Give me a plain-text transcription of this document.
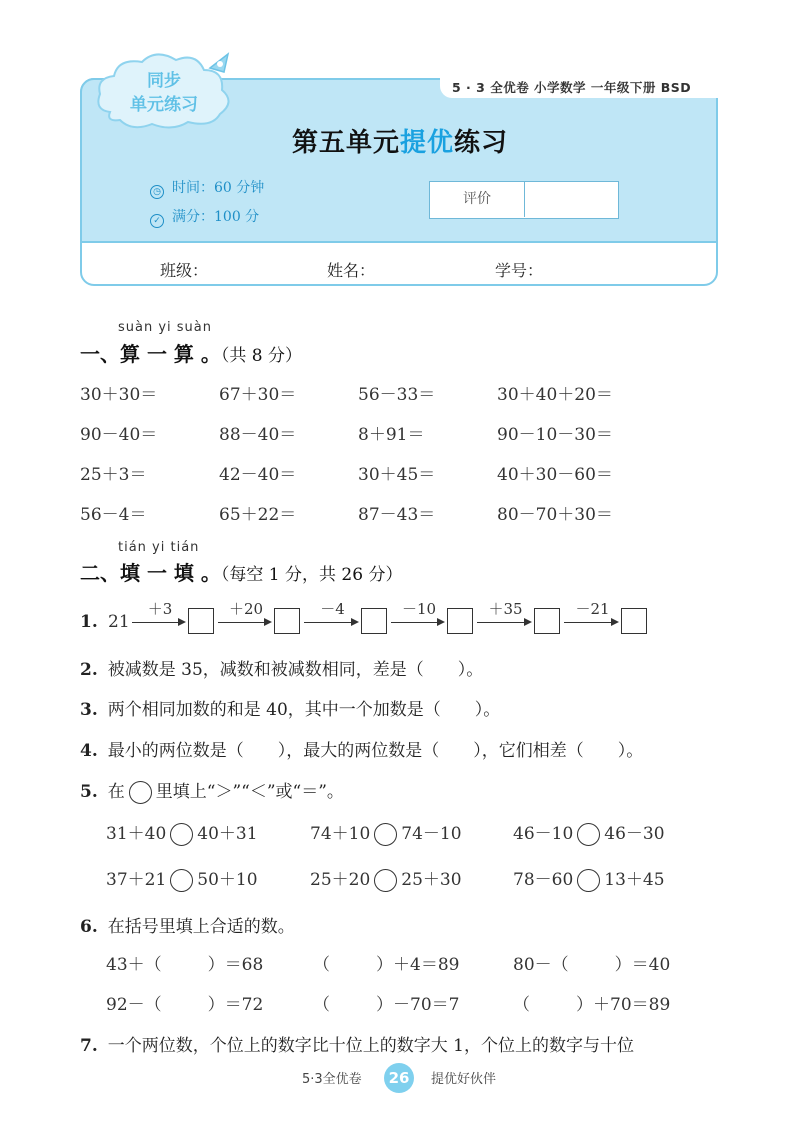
5 · 3 全优卷 小学数学 一年级下册 BSD
同步
单元练习
第五单元提优练习
◷ 时间：60 分钟
✓ 满分：100 分
评价
班级：	姓名：	学号：
suàn yi suàn
一、算 一 算 。（共 8 分）
30＋30＝	67＋30＝	56－33＝	30＋40＋20＝
90－40＝	88－40＝	8＋91＝	90－10－30＝
25＋3＝	42－40＝	30＋45＝	40＋30－60＝
56－4＝	65＋22＝	87－43＝	80－70＋30＝
tián yi tián
二、填 一 填 。（每空 1 分，共 26 分）
1. 21
＋3	＋20	－4	－10	＋35	－21
2. 被减数是 35，减数和被减数相同，差是（　　）。
3. 两个相同加数的和是 40，其中一个加数是（　　）。
4. 最小的两位数是（　　），最大的两位数是（　　），它们相差（　　）。
5. 在 里填上“＞”“＜”或“＝”。
31＋40 40＋31	74＋10 74－10	46－10 46－30
37＋21 50＋10	25＋20 25＋30	78－60 13＋45
6. 在括号里填上合适的数。
43＋（	）＝68	（	）＋4＝89	80－（	）＝40
92－（	）＝72	（	）－70＝7	（	）＋70＝89
7. 一个两位数，个位上的数字比十位上的数字大 1，个位上的数字与十位
5·3全优卷	26	提优好伙伴
